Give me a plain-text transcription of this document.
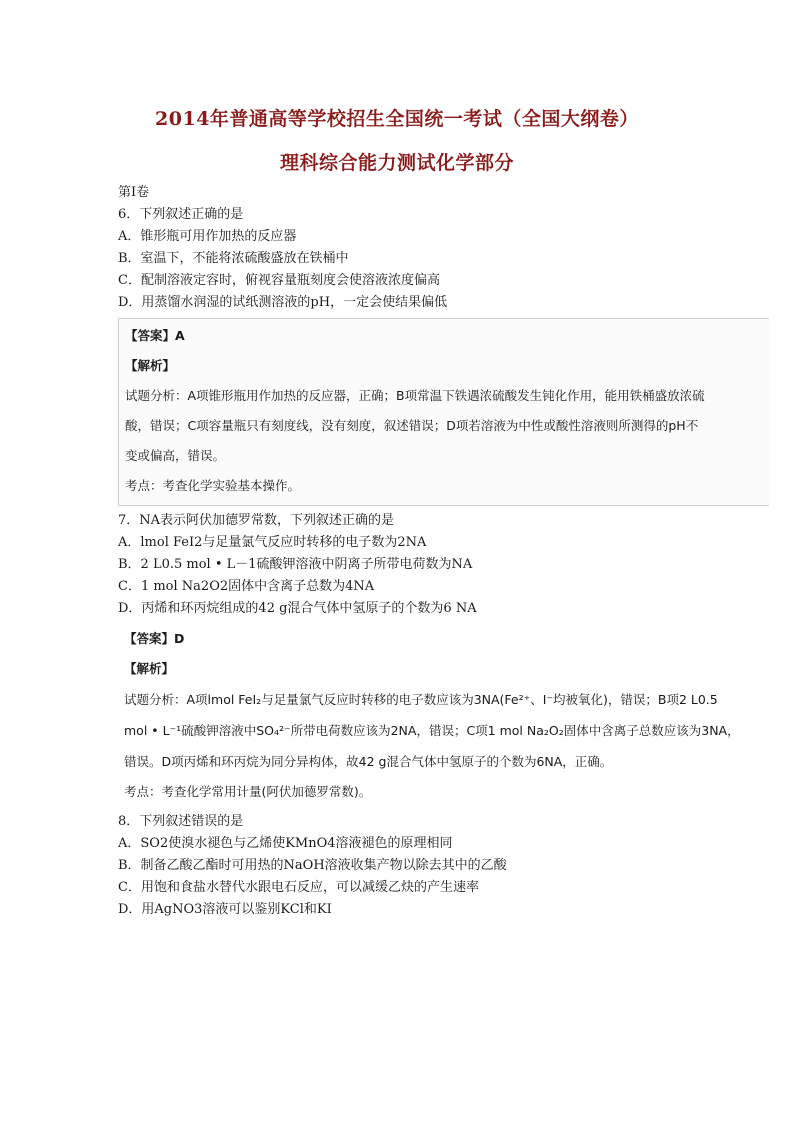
2014年普通高等学校招生全国统一考试（全国大纲卷）
理科综合能力测试化学部分
第Ⅰ卷
6．下列叙述正确的是
A．锥形瓶可用作加热的反应器
B．室温下，不能将浓硫酸盛放在铁桶中
C．配制溶液定容时，俯视容量瓶刻度会使溶液浓度偏高
D．用蒸馏水润湿的试纸测溶液的pH，一定会使结果偏低
【答案】A
【解析】
试题分析：A项锥形瓶用作加热的反应器，正确；B项常温下铁遇浓硫酸发生钝化作用，能用铁桶盛放浓硫
酸，错误；C项容量瓶只有刻度线，没有刻度，叙述错误；D项若溶液为中性或酸性溶液则所测得的pH不
变或偏高，错误。
考点：考查化学实验基本操作。
7．NA表示阿伏加德罗常数，下列叙述正确的是
A．lmol FeI2与足量氯气反应时转移的电子数为2NA
B．2 L0.5 mol • L－1硫酸钾溶液中阴离子所带电荷数为NA
C．1 mol Na2O2固体中含离子总数为4NA
D．丙烯和环丙烷组成的42 g混合气体中氢原子的个数为6 NA
【答案】D
【解析】
试题分析：A项lmol FeI₂与足量氯气反应时转移的电子数应该为3NA(Fe²⁺、I⁻均被氧化)，错误；B项2 L0.5
mol • L⁻¹硫酸钾溶液中SO₄²⁻所带电荷数应该为2NA，错误；C项1 mol Na₂O₂固体中含离子总数应该为3NA，
错误。D项丙烯和环丙烷为同分异构体，故42 g混合气体中氢原子的个数为6NA，正确。
考点：考查化学常用计量(阿伏加德罗常数)。
8．下列叙述错误的是
A．SO2使溴水褪色与乙烯使KMnO4溶液褪色的原理相同
B．制备乙酸乙酯时可用热的NaOH溶液收集产物以除去其中的乙酸
C．用饱和食盐水替代水跟电石反应，可以减缓乙炔的产生速率
D．用AgNO3溶液可以鉴别KCl和KI
